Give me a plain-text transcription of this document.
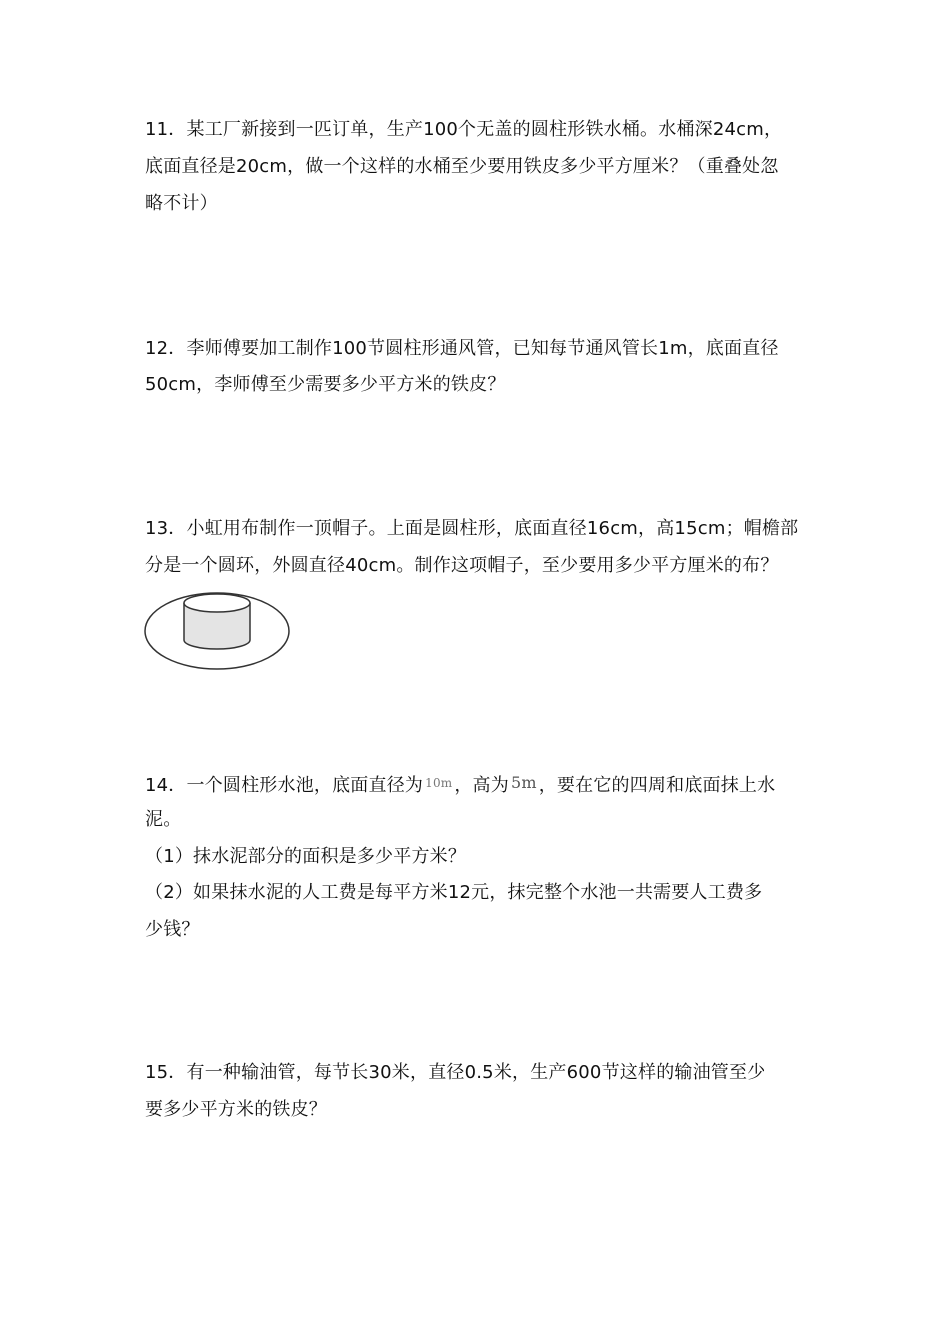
11．某工厂新接到一匹订单，生产100个无盖的圆柱形铁水桶。水桶深24cm，
底面直径是20cm，做一个这样的水桶至少要用铁皮多少平方厘米？（重叠处忽
略不计）
12．李师傅要加工制作100节圆柱形通风管，已知每节通风管长1m，底面直径
50cm，李师傅至少需要多少平方米的铁皮？
13．小虹用布制作一顶帽子。上面是圆柱形，底面直径16cm，高15cm；帽檐部
分是一个圆环，外圆直径40cm。制作这项帽子，至少要用多少平方厘米的布？
14．一个圆柱形水池，底面直径为 $^{10m}$ ，高为 5m ，要在它的四周和底面抹上水
泥。
（1）抹水泥部分的面积是多少平方米？
（2）如果抹水泥的人工费是每平方米12元，抹完整个水池一共需要人工费多
少钱？
15．有一种输油管，每节长30米，直径0.5米，生产600节这样的输油管至少
要多少平方米的铁皮？
